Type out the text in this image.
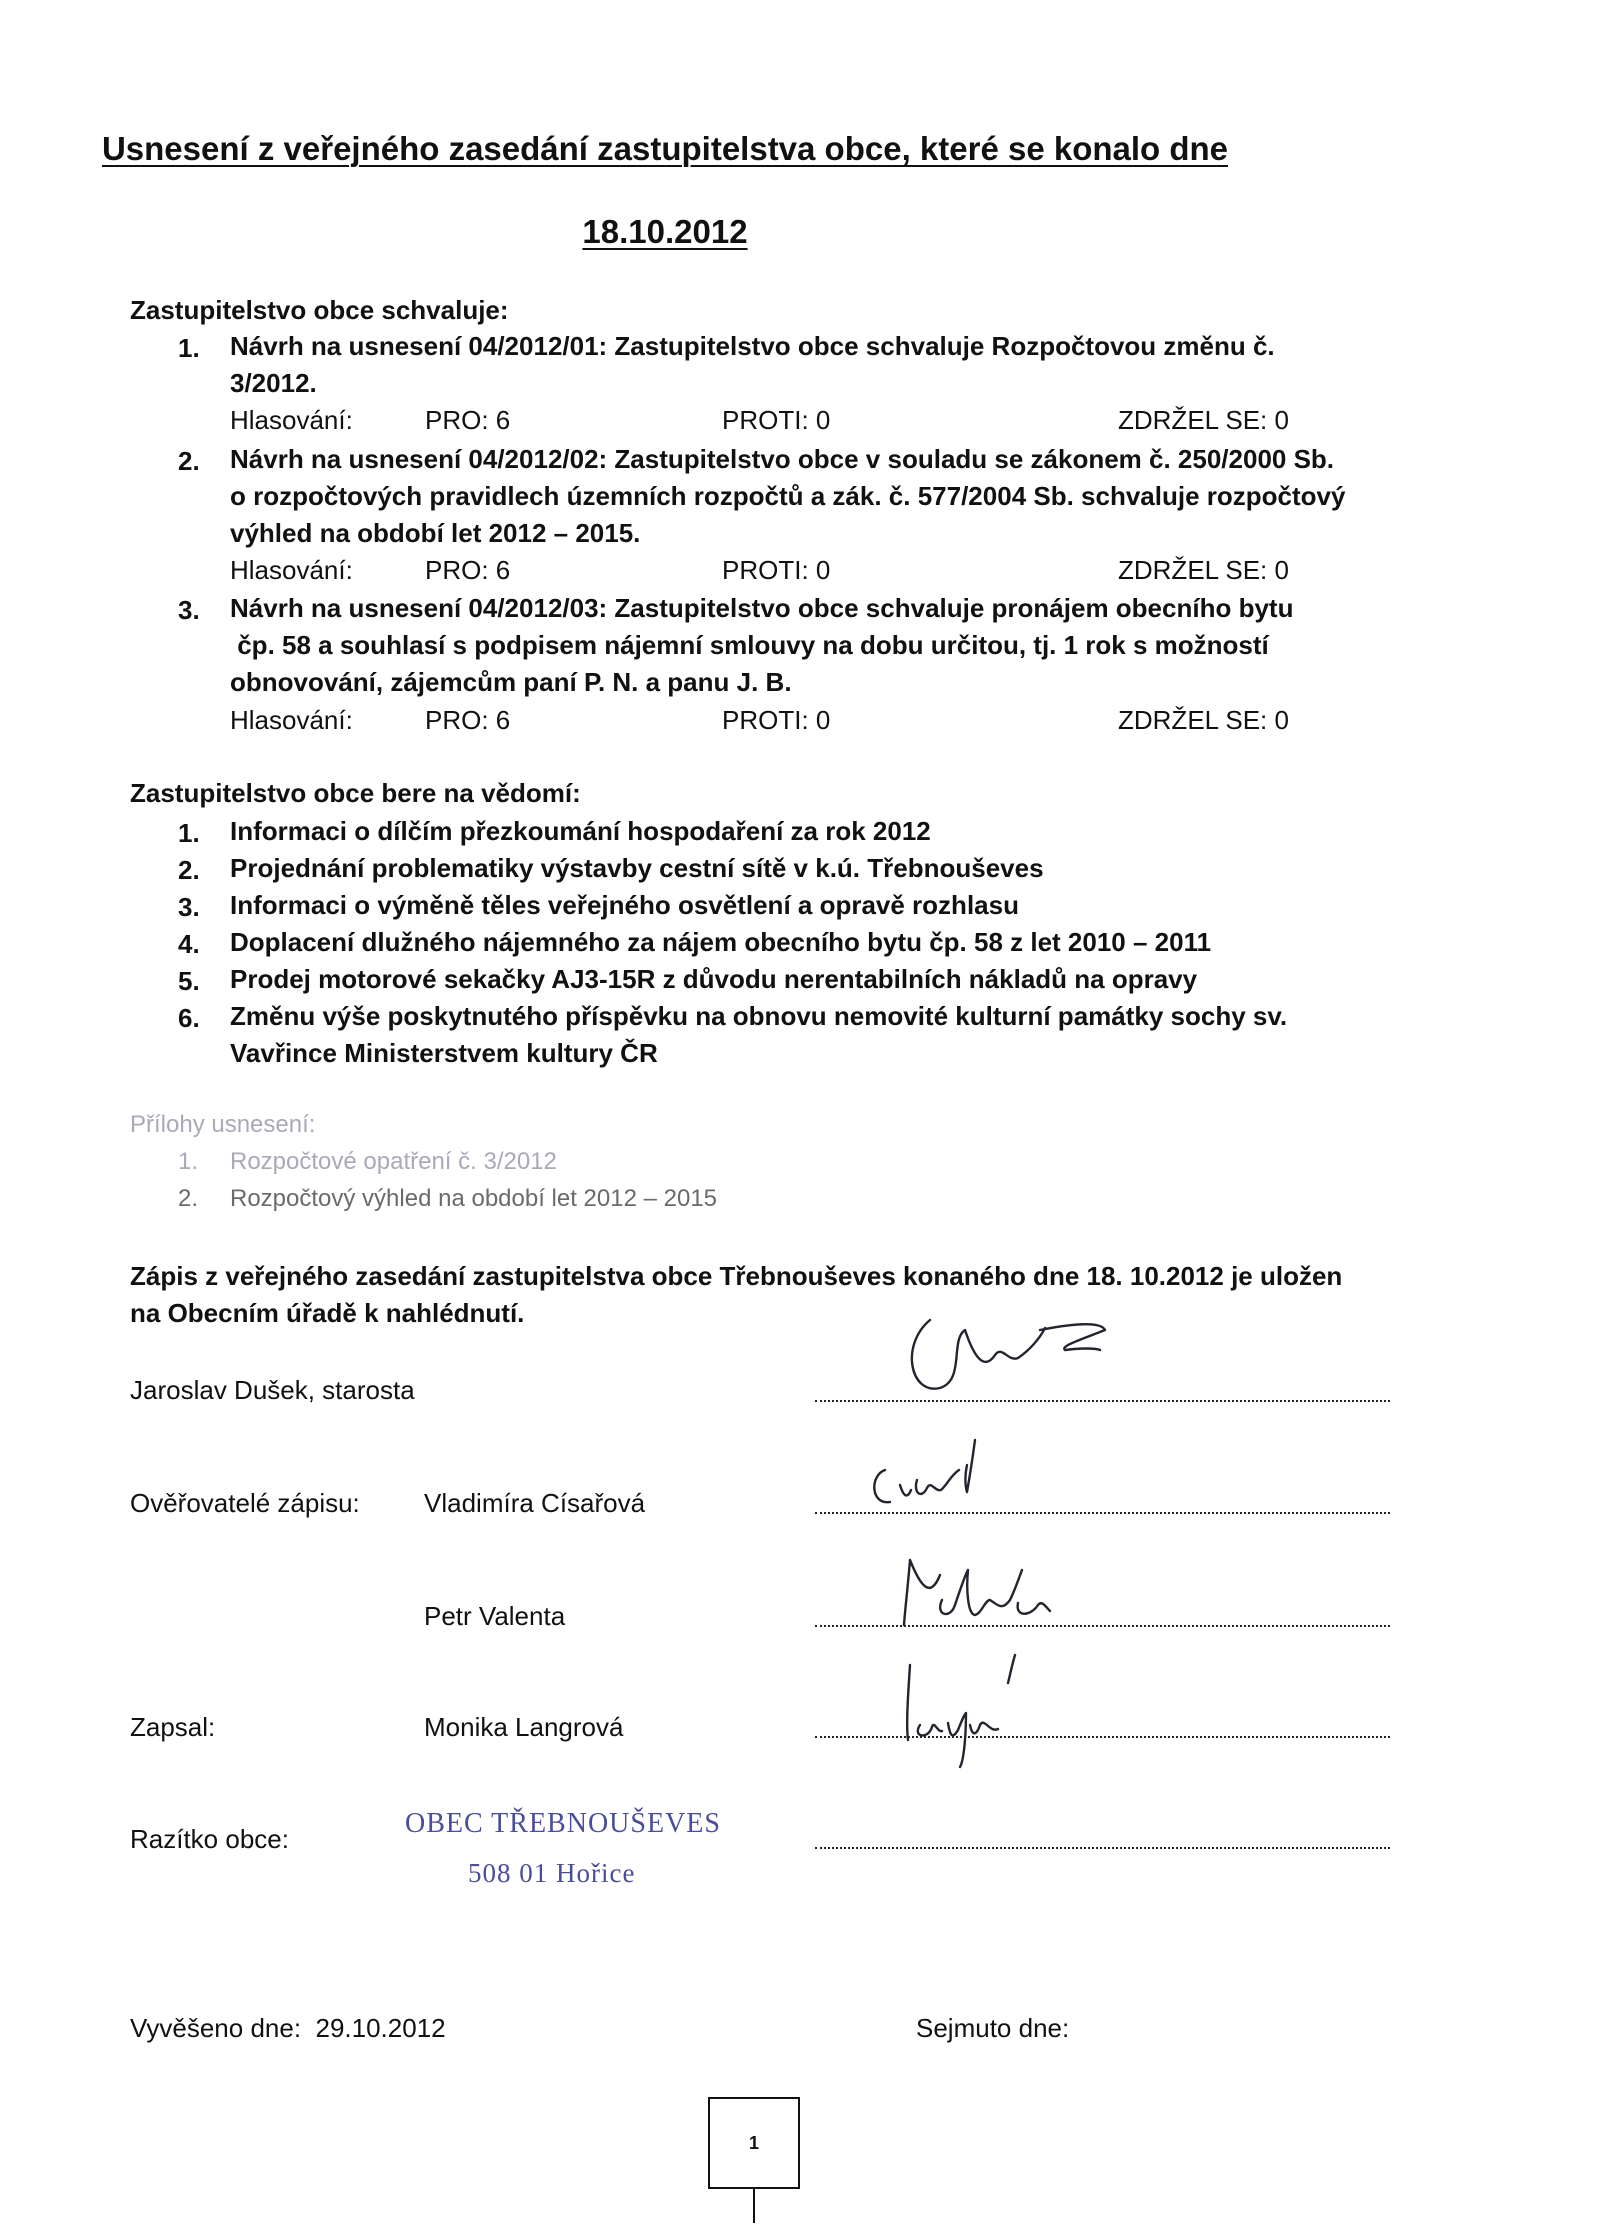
Usnesení z veřejného zasedání zastupitelstva obce, které se konalo dne
18.10.2012
Zastupitelstvo obce schvaluje:
1. Návrh na usnesení 04/2012/01: Zastupitelstvo obce schvaluje Rozpočtovou změnu č.
3/2012.
Hlasování:	PRO: 6	PROTI: 0	ZDRŽEL SE: 0
2. Návrh na usnesení 04/2012/02: Zastupitelstvo obce v souladu se zákonem č. 250/2000 Sb.
o rozpočtových pravidlech územních rozpočtů a zák. č. 577/2004 Sb. schvaluje rozpočtový
výhled na období let 2012 – 2015.
Hlasování:	PRO: 6	PROTI: 0	ZDRŽEL SE: 0
3. Návrh na usnesení 04/2012/03: Zastupitelstvo obce schvaluje pronájem obecního bytu
čp. 58 a souhlasí s podpisem nájemní smlouvy na dobu určitou, tj. 1 rok s možností
obnovování, zájemcům paní P. N. a panu J. B.
Hlasování:	PRO: 6	PROTI: 0	ZDRŽEL SE: 0
Zastupitelstvo obce bere na vědomí:
1. Informaci o dílčím přezkoumání hospodaření za rok 2012
2. Projednání problematiky výstavby cestní sítě v k.ú. Třebnouševes
3. Informaci o výměně těles veřejného osvětlení a opravě rozhlasu
4. Doplacení dlužného nájemného za nájem obecního bytu čp. 58 z let 2010 – 2011
5. Prodej motorové sekačky AJ3-15R z důvodu nerentabilních nákladů na opravy
6. Změnu výše poskytnutého příspěvku na obnovu nemovité kulturní památky sochy sv.
Vavřince Ministerstvem kultury ČR
Přílohy usnesení:
1. Rozpočtové opatření č. 3/2012
2. Rozpočtový výhled na období let 2012 – 2015
Zápis z veřejného zasedání zastupitelstva obce Třebnouševes konaného dne 18. 10.2012 je uložen
na Obecním úřadě k nahlédnutí.
Jaroslav Dušek, starosta
Ověřovatelé zápisu: Vladimíra Císařová
Petr Valenta
Zapsal:	Monika Langrová
Razítko obce:	OBEC TŘEBNOUŠEVES
508 01 Hořice
Vyvěšeno dne:  29.10.2012	Sejmuto dne:
1
